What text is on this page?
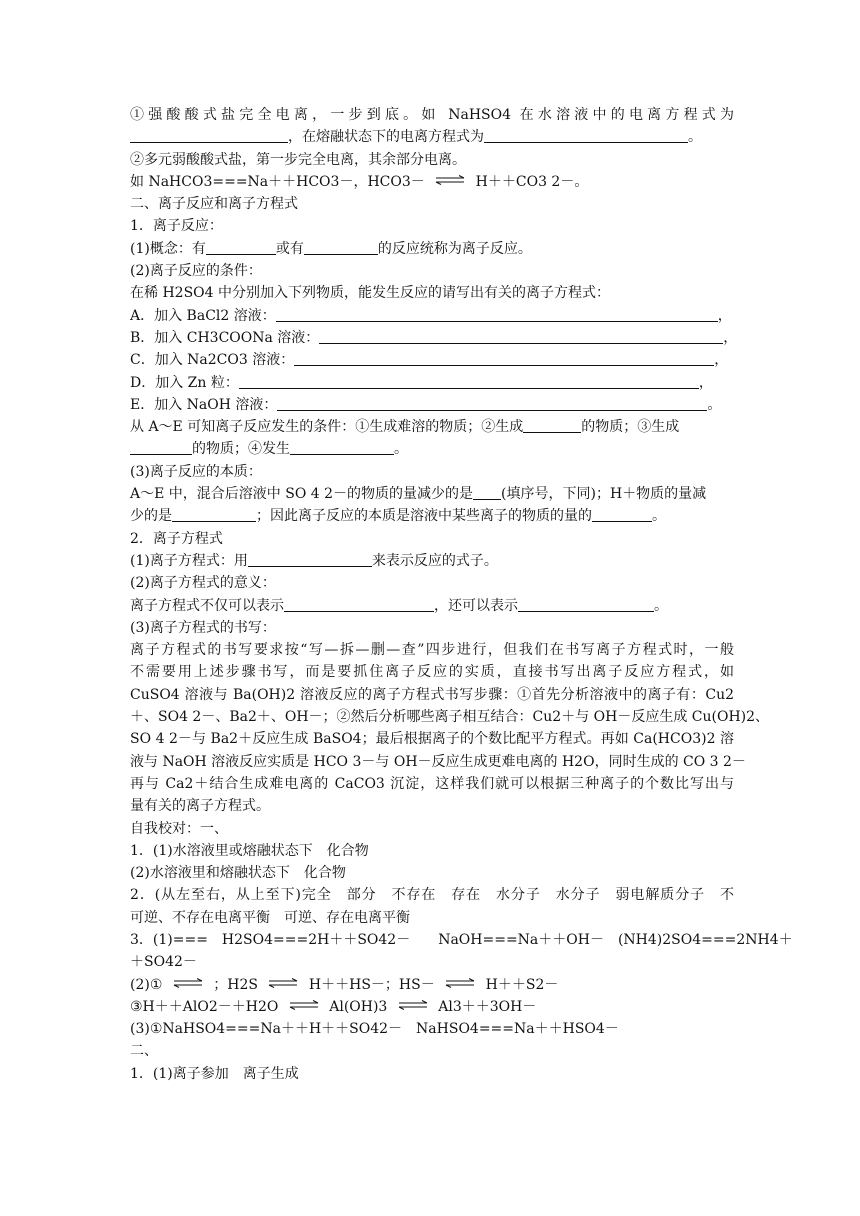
①强酸酸式盐完全电离，一步到底。如 NaHSO4 在水溶液中的电离方程式为
，在熔融状态下的电离方程式为	。
②多元弱酸酸式盐，第一步完全电离，其余部分电离。
如 NaHCO3===Na＋＋HCO3－，HCO3－ ⇌ H＋＋CO3 2－。
二、离子反应和离子方程式
1．离子反应：
(1)概念：有	或有	的反应统称为离子反应。
(2)离子反应的条件：
在稀 H2SO4 中分别加入下列物质，能发生反应的请写出有关的离子方程式：
A．加入 BaCl2 溶液：	，
B．加入 CH3COONa 溶液：	，
C．加入 Na2CO3 溶液：	，
D．加入 Zn 粒：	，
E．加入 NaOH 溶液：	。
从 A～E 可知离子反应发生的条件：①生成难溶的物质；②生成	的物质；③生成
的物质；④发生	。
(3)离子反应的本质：
A～E 中，混合后溶液中 SO 4 2－的物质的量减少的是 (填序号，下同)；H＋物质的量减
少的是	；因此离子反应的本质是溶液中某些离子的物质的量的	。
2．离子方程式
(1)离子方程式：用	来表示反应的式子。
(2)离子方程式的意义：
离子方程式不仅可以表示	，还可以表示	。
(3)离子方程式的书写：
离子方程式的书写要求按“写—拆—删—查”四步进行，但我们在书写离子方程式时，一般
不需要用上述步骤书写，而是要抓住离子反应的实质，直接书写出离子反应方程式，如
CuSO4 溶液与 Ba(OH)2 溶液反应的离子方程式书写步骤：①首先分析溶液中的离子有：Cu2
＋、SO4 2－、Ba2＋、OH－；②然后分析哪些离子相互结合：Cu2＋与 OH－反应生成 Cu(OH)2、
SO 4 2－与 Ba2＋反应生成 BaSO4；最后根据离子的个数比配平方程式。再如 Ca(HCO3)2 溶
液与 NaOH 溶液反应实质是 HCO 3－与 OH－反应生成更难电离的 H2O，同时生成的 CO 3 2－
再与 Ca2＋结合生成难电离的 CaCO3 沉淀，这样我们就可以根据三种离子的个数比写出与
量有关的离子方程式。
自我校对：一、
1．(1)水溶液里或熔融状态下　化合物
(2)水溶液里和熔融状态下　化合物
2．(从左至右，从上至下)完全　部分　不存在　存在　水分子　水分子　弱电解质分子　不
可逆、不存在电离平衡　可逆、存在电离平衡
3．(1)===　H2SO4===2H＋＋SO42－　　NaOH===Na＋＋OH－　(NH4)2SO4===2NH4＋
＋SO42－
(2)① ⇌ ；H2S ⇌ H＋＋HS－；HS－ ⇌ H＋＋S2－
③H＋＋AlO2－＋H2O ⇌ Al(OH)3 ⇌ Al3＋＋3OH－
(3)①NaHSO4===Na＋＋H＋＋SO42－　NaHSO4===Na＋＋HSO4－
二、
1．(1)离子参加　离子生成
